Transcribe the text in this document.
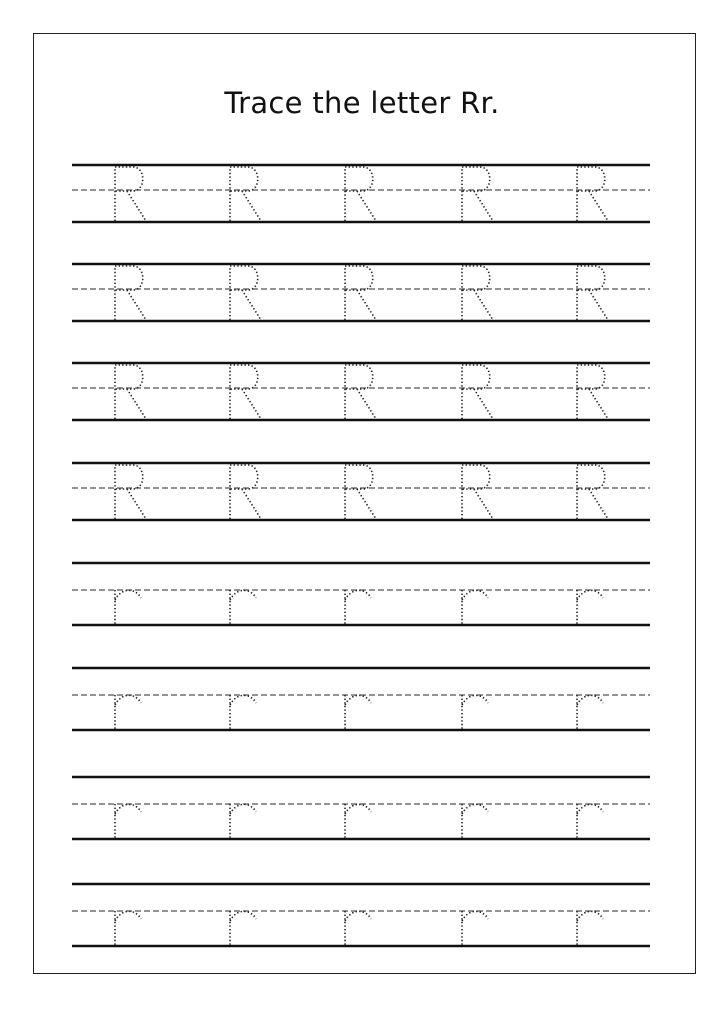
Trace the letter Rr.
